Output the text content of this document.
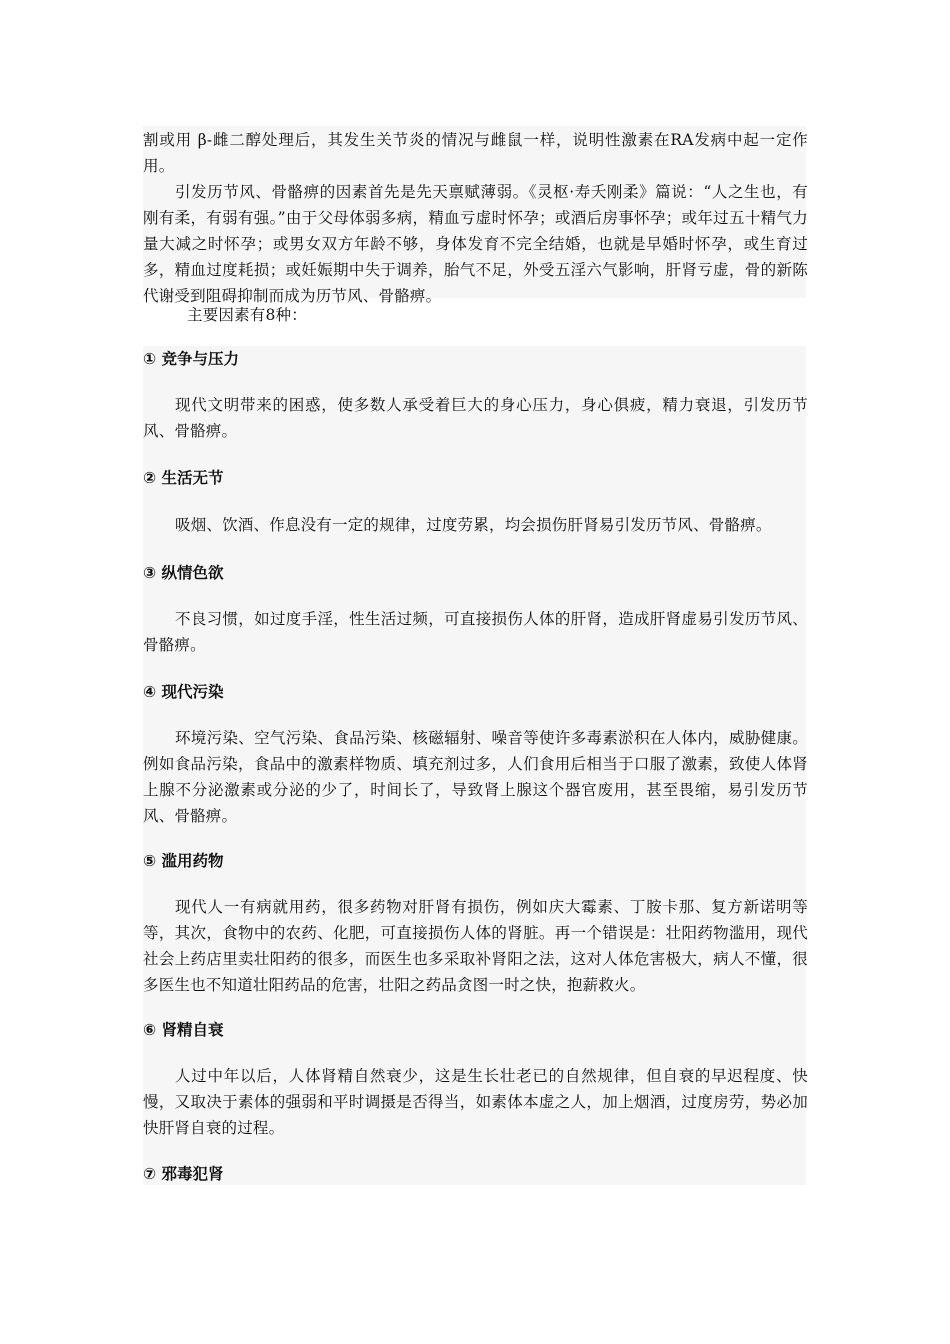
割或用 β-雌二醇处理后，其发生关节炎的情况与雌鼠一样，说明性激素在RA发病中起一定作用。

引发历节风、骨骼痹的因素首先是先天禀赋薄弱。《灵枢·寿夭刚柔》篇说：“人之生也，有刚有柔，有弱有强。”由于父母体弱多病，精血亏虚时怀孕；或酒后房事怀孕；或年过五十精气力量大减之时怀孕；或男女双方年龄不够，身体发育不完全结婚，也就是早婚时怀孕，或生育过多，精血过度耗损；或妊娠期中失于调养，胎气不足，外受五淫六气影响，肝肾亏虚，骨的新陈代谢受到阻碍抑制而成为历节风、骨骼痹。

主要因素有8种：

① 竞争与压力

现代文明带来的困惑，使多数人承受着巨大的身心压力，身心俱疲，精力衰退，引发历节风、骨骼痹。

② 生活无节

吸烟、饮酒、作息没有一定的规律，过度劳累，均会损伤肝肾易引发历节风、骨骼痹。

③ 纵情色欲

不良习惯，如过度手淫，性生活过频，可直接损伤人体的肝肾，造成肝肾虚易引发历节风、骨骼痹。

④ 现代污染

环境污染、空气污染、食品污染、核磁辐射、噪音等使许多毒素淤积在人体内，威胁健康。例如食品污染，食品中的激素样物质、填充剂过多，人们食用后相当于口服了激素，致使人体肾上腺不分泌激素或分泌的少了，时间长了，导致肾上腺这个器官废用，甚至畏缩，易引发历节风、骨骼痹。

⑤ 滥用药物

现代人一有病就用药，很多药物对肝肾有损伤，例如庆大霉素、丁胺卡那、复方新诺明等等，其次，食物中的农药、化肥，可直接损伤人体的肾脏。再一个错误是：壮阳药物滥用，现代社会上药店里卖壮阳药的很多，而医生也多采取补肾阳之法，这对人体危害极大，病人不懂，很多医生也不知道壮阳药品的危害，壮阳之药品贪图一时之快，抱薪救火。

⑥ 肾精自衰

人过中年以后，人体肾精自然衰少，这是生长壮老已的自然规律，但自衰的早迟程度、快慢，又取决于素体的强弱和平时调摄是否得当，如素体本虚之人，加上烟酒，过度房劳，势必加快肝肾自衰的过程。

⑦ 邪毒犯肾
